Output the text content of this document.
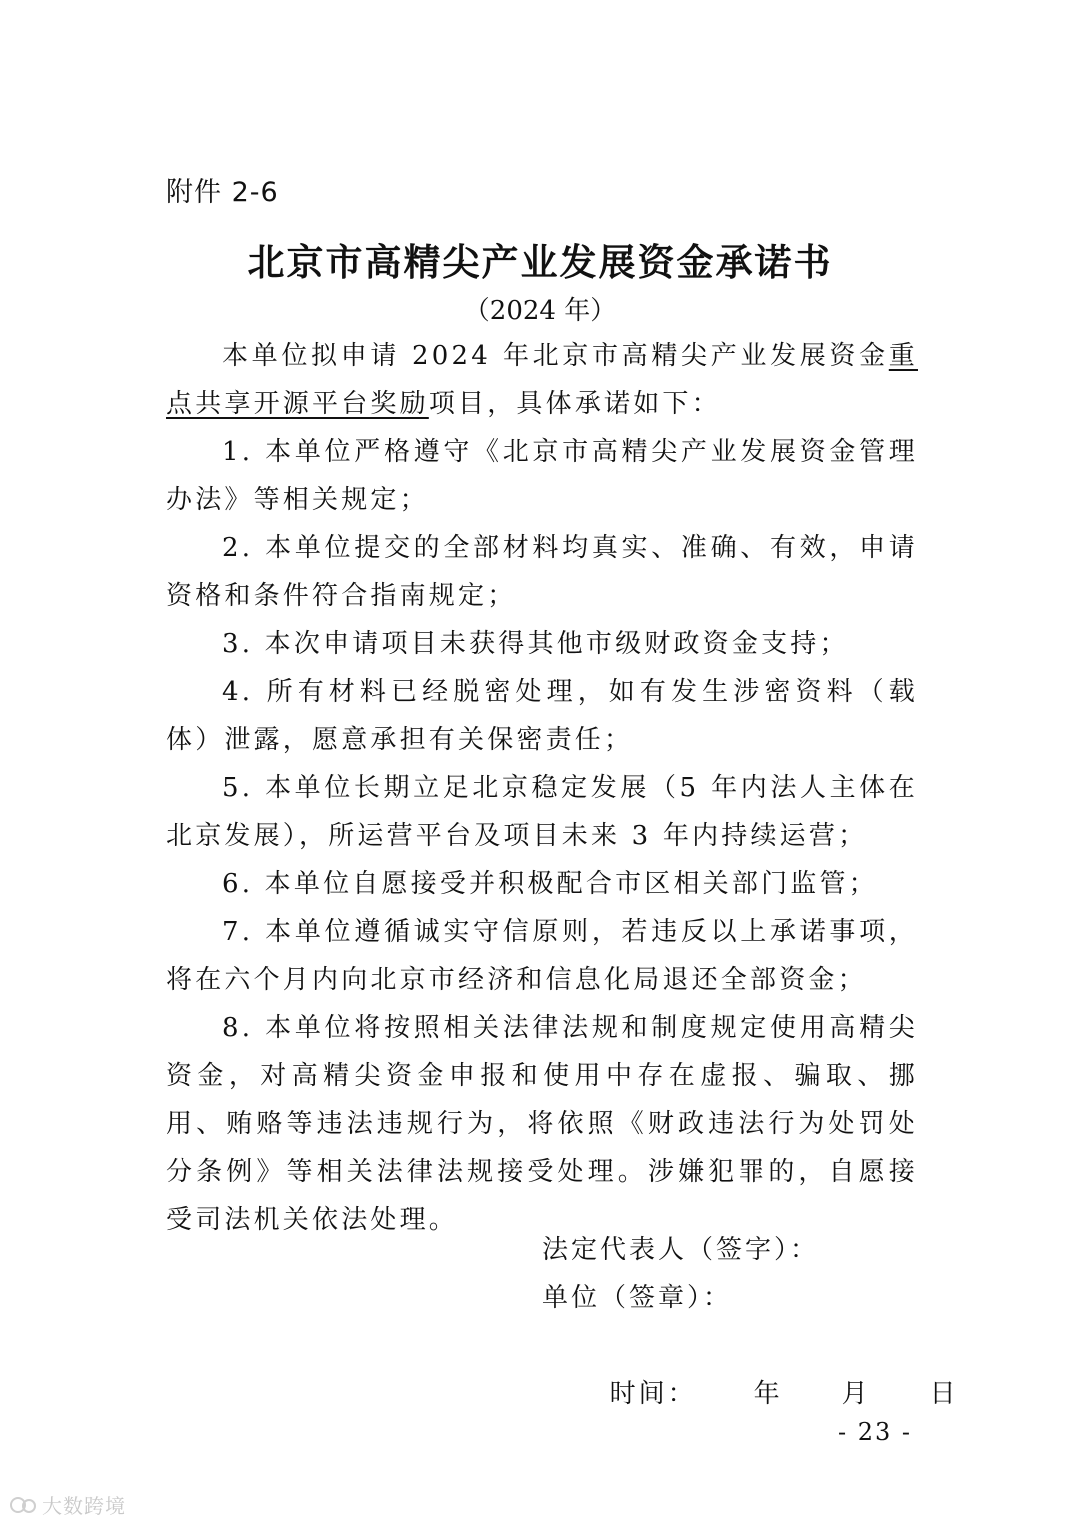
附件 2-6
北京市高精尖产业发展资金承诺书
（2024 年）

本单位拟申请 2024 年北京市高精尖产业发展资金重点共享开源平台奖励项目，具体承诺如下：

1. 本单位严格遵守《北京市高精尖产业发展资金管理办法》等相关规定；

2. 本单位提交的全部材料均真实、准确、有效，申请资格和条件符合指南规定；

3. 本次申请项目未获得其他市级财政资金支持；

4. 所有材料已经脱密处理，如有发生涉密资料（载体）泄露，愿意承担有关保密责任；

5. 本单位长期立足北京稳定发展（5 年内法人主体在北京发展），所运营平台及项目未来 3 年内持续运营；

6. 本单位自愿接受并积极配合市区相关部门监管；

7. 本单位遵循诚实守信原则，若违反以上承诺事项，将在六个月内向北京市经济和信息化局退还全部资金；

8. 本单位将按照相关法律法规和制度规定使用高精尖资金，对高精尖资金申报和使用中存在虚报、骗取、挪用、贿赂等违法违规行为，将依照《财政违法行为处罚处分条例》等相关法律法规接受处理。涉嫌犯罪的，自愿接受司法机关依法处理。

法定代表人（签字）：
单位（签章）：

时间： 年 月 日

- 23 -
大数跨境
